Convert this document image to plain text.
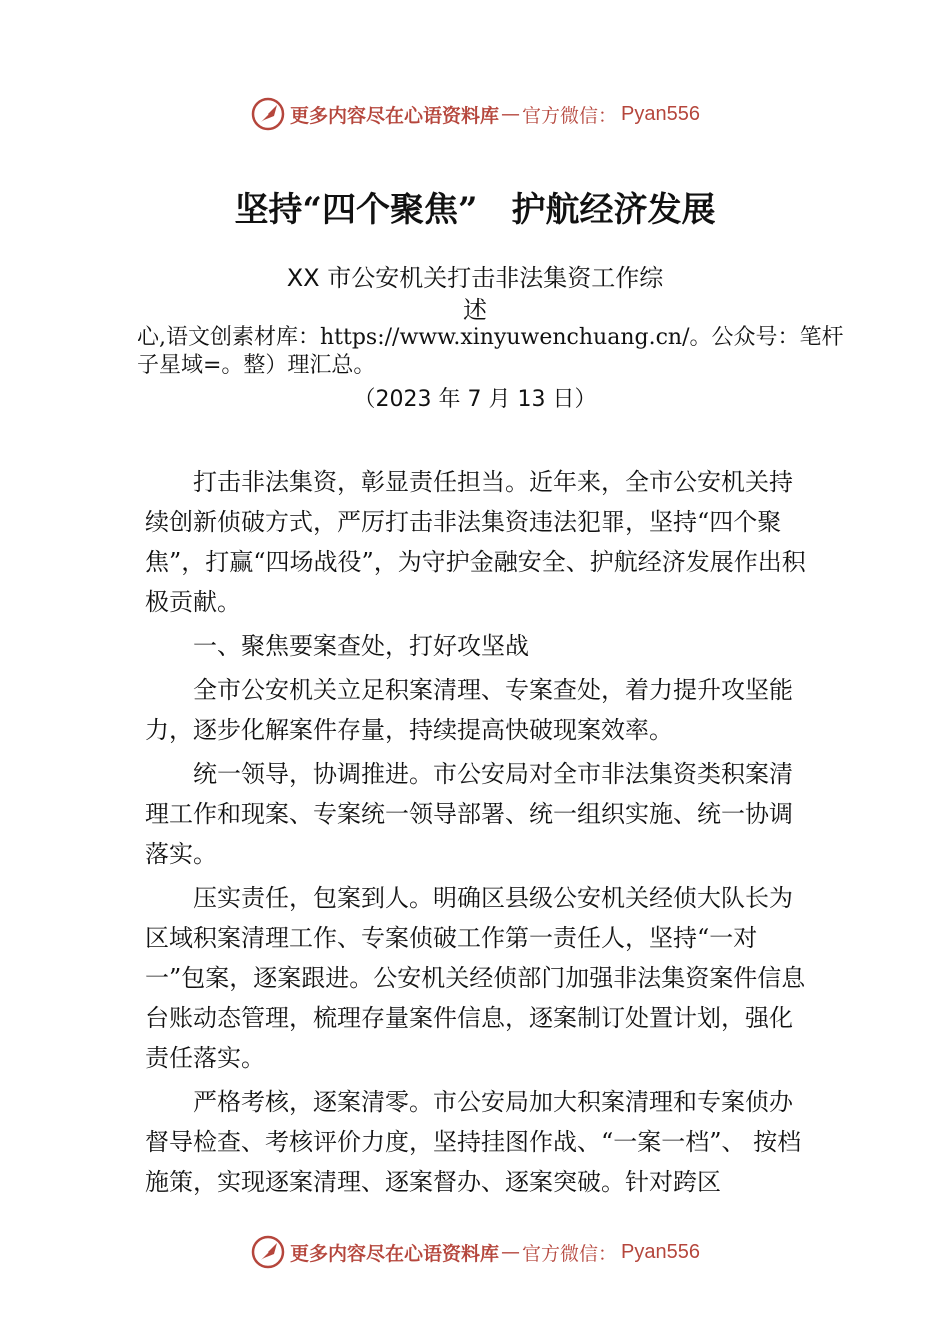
更多内容尽在心语资料库 — 官方微信： Pyan556
坚持“四个聚焦”　护航经济发展
XX 市公安机关打击非法集资工作综
述
心,语文创素材库：https://www.xinyuwenchuang.cn/。公众号：笔杆子星域=。整）理汇总。
（2023 年 7 月 13 日）

打击非法集资，彰显责任担当。近年来，全市公安机关持续创新侦破方式，严厉打击非法集资违法犯罪，坚持“四个聚焦”，打赢“四场战役”，为守护金融安全、护航经济发展作出积极贡献。

一、聚焦要案查处，打好攻坚战

全市公安机关立足积案清理、专案查处，着力提升攻坚能力，逐步化解案件存量，持续提高快破现案效率。

统一领导，协调推进。市公安局对全市非法集资类积案清理工作和现案、专案统一领导部署、统一组织实施、统一协调落实。

压实责任，包案到人。明确区县级公安机关经侦大队长为区域积案清理工作、专案侦破工作第一责任人，坚持“一对一”包案，逐案跟进。公安机关经侦部门加强非法集资案件信息台账动态管理，梳理存量案件信息，逐案制订处置计划，强化责任落实。

严格考核，逐案清零。市公安局加大积案清理和专案侦办督导检查、考核评价力度，坚持挂图作战、“一案一档”、 按档施策，实现逐案清理、逐案督办、逐案突破。针对跨区

更多内容尽在心语资料库 — 官方微信： Pyan556
